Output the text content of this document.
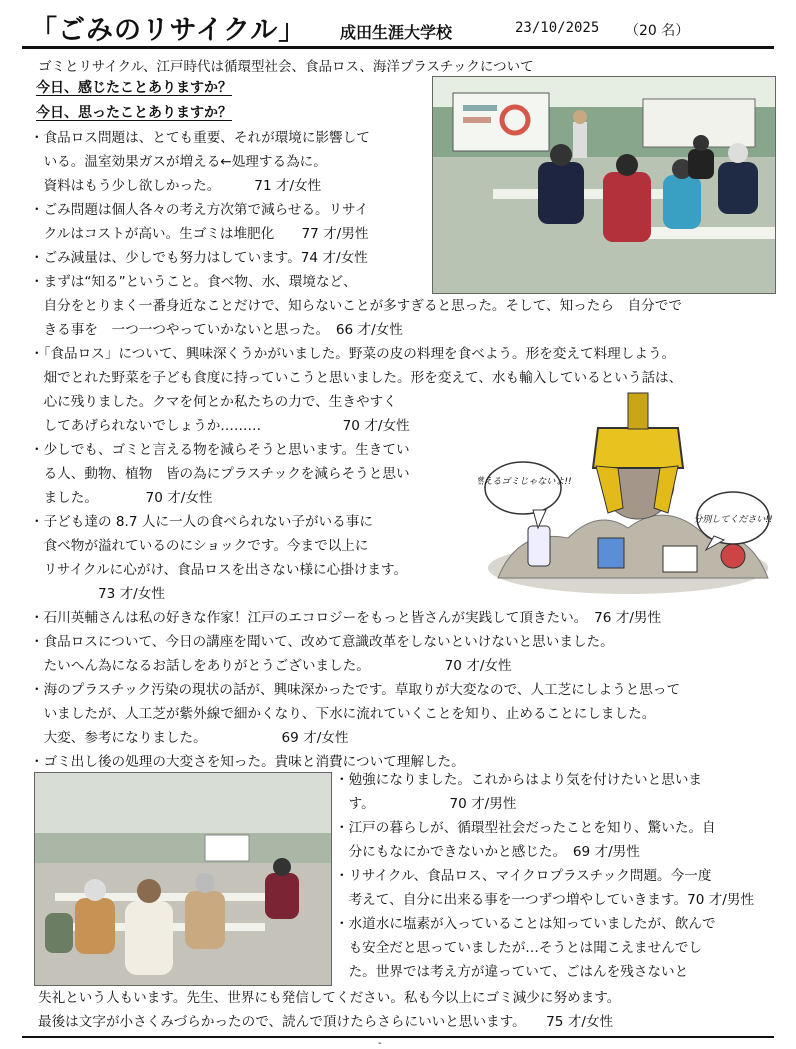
「ごみのリサイクル」 成田生涯大学校	23/10/2025 （20 名）
ゴミとリサイクル、江戸時代は循環型社会、食品ロス、海洋プラスチックについて
今日、感じたことありますか？
今日、思ったことありますか？
・食品ロス問題は、とても重要、それが環境に影響して
　いる。温室効果ガスが増える←処理する為に。
　資料はもう少し欲しかった。　　　71 才/女性
・ごみ問題は個人各々の考え方次第で減らせる。リサイ
　クルはコストが高い。生ゴミは堆肥化　　77 才/男性
・ごみ減量は、少しでも努力はしています。74 才/女性
・まずは“知る”ということ。食べ物、水、環境など、
　自分をとりまく一番身近なことだけで、知らないことが多すぎると思った。そして、知ったら　自分でで
　きる事を　一つ一つやっていかないと思った。　66 才/女性
・「食品ロス」について、興味深くうかがいました。野菜の皮の料理を食べよう。形を変えて料理しよう。
　畑でとれた野菜を子ども食度に持っていこうと思いました。形を変えて、水も輸入しているという話は、
　心に残りました。クマを何とか私たちの力で、生きやすく
　してあげられないでしょうか………　　　　　　70 才/女性
・少しでも、ゴミと言える物を減らそうと思います。生きてい
　る人、動物、植物　皆の為にプラスチックを減らそうと思い
　ました。　　　　70 才/女性
・子ども達の 8.7 人に一人の食べられない子がいる事に
　食べ物が溢れているのにショックです。今まで以上に
　リサイクルに心がけ、食品ロスを出さない様に心掛けます。
　　　　　73 才/女性
・石川英輔さんは私の好きな作家！江戸のエコロジーをもっと皆さんが実践して頂きたい。　76 才/男性
・食品ロスについて、今日の講座を聞いて、改めて意識改革をしないといけないと思いました。
　たいへん為になるお話しをありがとうございました。　　　　　　70 才/女性
・海のプラスチック汚染の現状の話が、興味深かったです。草取りが大変なので、人工芝にしようと思って
　いましたが、人工芝が紫外線で細かくなり、下水に流れていくことを知り、止めることにしました。
　大変、参考になりました。　　　　　　69 才/女性
・ゴミ出し後の処理の大変さを知った。貴味と消費について理解した。
燃えるゴミじゃないよ!!
分別してください!!
・勉強になりました。これからはより気を付けたいと思いま
　す。　　　　　　70 才/男性
・江戸の暮らしが、循環型社会だったことを知り、驚いた。自
　分にもなにかできないかと感じた。　69 才/男性
・リサイクル、食品ロス、マイクロプラスチック問題。今一度
　考えて、自分に出来る事を一つずつ増やしていきます。70 才/男性
・水道水に塩素が入っていることは知っていましたが、飲んで
　も安全だと思っていましたが…そうとは聞こえませんでし
　た。世界では考え方が違っていて、ごはんを残さないと
失礼という人もいます。先生、世界にも発信してください。私も今以上にゴミ減少に努めます。
最後は文字が小さくみづらかったので、読んで頂けたらさらにいいと思います。　　75 才/女性
-
